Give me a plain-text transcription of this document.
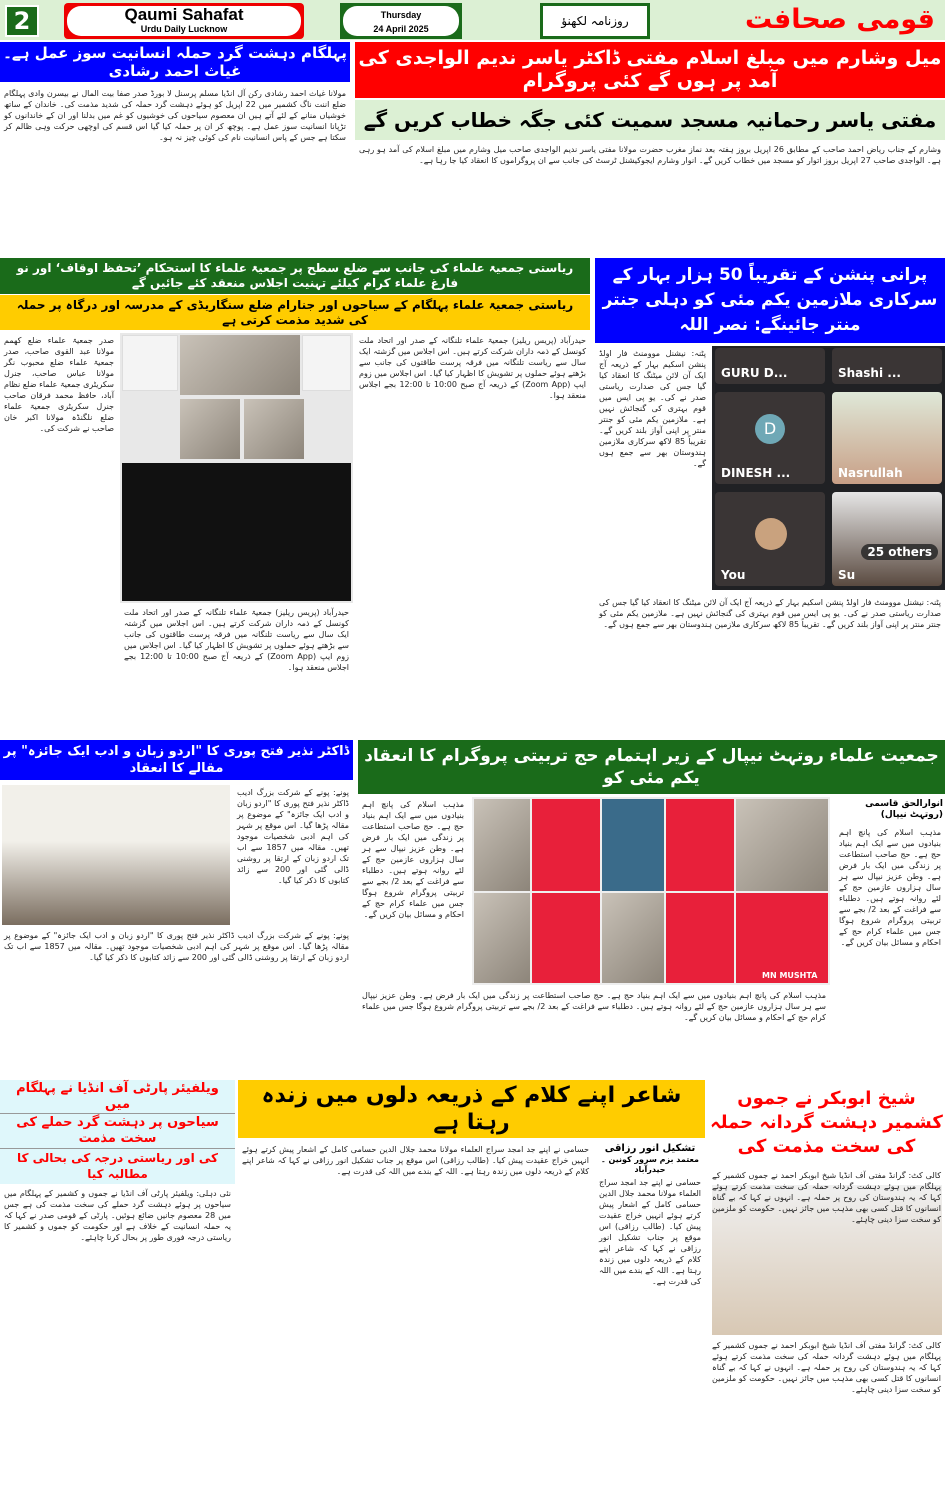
2	Qaumi Sahafat
Urdu Daily Lucknow
Thursday
24 April 2025
روزنامہ لکھنؤ	قومی صحافت
پہلگام دہشت گرد حملہ انسانیت سوز عمل ہے۔ غیاث احمد رشادی
مولانا غیاث احمد رشادی رکن آل انڈیا مسلم پرسنل لا بورڈ صدر صفا بیت المال نے بیسرن وادی پہلگام ضلع اننت ناگ کشمیر میں 22 اپریل کو ہوئے دہشت گرد حملہ کی شدید مذمت کی۔ خاندان کے ساتھ خوشیاں منانے کے لئے آتے ہیں ان معصوم سیاحوں کی خوشیوں کو غم میں بدلنا اور ان کے خاندانوں کو تڑپانا انسانیت سوز عمل ہے۔ پوچھ کر ان پر حملہ کیا گیا اس قسم کی اوچھی حرکت وہی ظالم کر سکتا ہے جس کے پاس انسانیت نام کی کوئی چیز نہ ہو۔
میل وشارم میں مبلغ اسلام مفتی ڈاکٹر یاسر ندیم الواجدی کی آمد پر ہوں گے کئی پروگرام
مفتی یاسر رحمانیہ مسجد سمیت کئی جگہ خطاب کریں گے
وشارم کے جناب ریاض احمد صاحب کے مطابق 26 اپریل بروز ہفتہ بعد نماز مغرب حضرت مولانا مفتی یاسر ندیم الواجدی صاحب میل وشارم میں مبلغ اسلام کی آمد ہو رہی ہے۔ الواجدی صاحب 27 اپریل بروز اتوار کو مسجد میں خطاب کریں گے۔ انوار وشارم ایجوکیشنل ٹرسٹ کی جانب سے ان پروگراموں کا انعقاد کیا جا رہا ہے۔
ریاستی جمعیۃ علماء کی جانب سے ضلع سطح پر جمعیۃ علماء کا استحکام ’تحفظ اوقاف‘ اور نو فارغ علماء کرام کیلئے تہنیت اجلاس منعقد کئے جائیں گے
ریاستی جمعیۃ علماء پہلگام کے سیاحوں اور جنارام ضلع سنگاریڈی کے مدرسہ اور درگاہ پر حملہ کی شدید مذمت کرتی ہے
حیدرآباد (پریس ریلیز) جمعیۃ علماء تلنگانہ کے صدر اور اتحاد ملت کونسل کے ذمہ داران شرکت کرتے ہیں۔ اس اجلاس میں گزشتہ ایک سال سے ریاست تلنگانہ میں فرقہ پرست طاقتوں کی جانب سے بڑھتے ہوئے حملوں پر تشویش کا اظہار کیا گیا۔ اس اجلاس میں زوم ایپ (Zoom App) کے ذریعہ آج صبح 10:00 تا 12:00 بجے اجلاس منعقد ہوا۔
صدر جمعیۃ علماء ضلع کھمم مولانا عبد القوی صاحب، صدر جمعیۃ علماء ضلع محبوب نگر مولانا عباس صاحب، جنرل سکریٹری جمعیۃ علماء ضلع نظام آباد، حافظ محمد فرقان صاحب جنرل سکریٹری جمعیۃ علماء ضلع نلگنڈہ مولانا اکبر خان صاحب نے شرکت کی۔
حیدرآباد (پریس ریلیز) جمعیۃ علماء تلنگانہ کے صدر اور اتحاد ملت کونسل کے ذمہ داران شرکت کرتے ہیں۔ اس اجلاس میں گزشتہ ایک سال سے ریاست تلنگانہ میں فرقہ پرست طاقتوں کی جانب سے بڑھتے ہوئے حملوں پر تشویش کا اظہار کیا گیا۔ اس اجلاس میں زوم ایپ (Zoom App) کے ذریعہ آج صبح 10:00 تا 12:00 بجے اجلاس منعقد ہوا۔
پرانی پنشن کے تقریباً 50 ہزار بہار کے سرکاری ملازمین یکم مئی کو دہلی جنتر منتر جائینگے: نصر اللہ
پٹنہ: نیشنل موومنٹ فار اولڈ پنشن اسکیم بہار کے ذریعہ آج ایک آن لائن میٹنگ کا انعقاد کیا گیا جس کی صدارت ریاستی صدر نے کی۔ یو پی ایس میں قوم بہتری کی گنجائش نہیں ہے۔ ملازمین یکم مئی کو جنتر منتر پر اپنی آواز بلند کریں گے۔ تقریباً 85 لاکھ سرکاری ملازمین ہندوستان بھر سے جمع ہوں گے۔
GURU D...	Shashi ...
DINESH ...
D
Nasrullah
You	Su
25 others
پٹنہ: نیشنل موومنٹ فار اولڈ پنشن اسکیم بہار کے ذریعہ آج ایک آن لائن میٹنگ کا انعقاد کیا گیا جس کی صدارت ریاستی صدر نے کی۔ یو پی ایس میں قوم بہتری کی گنجائش نہیں ہے۔ ملازمین یکم مئی کو جنتر منتر پر اپنی آواز بلند کریں گے۔ تقریباً 85 لاکھ سرکاری ملازمین ہندوستان بھر سے جمع ہوں گے۔
ڈاکٹر نذیر فتح پوری کا "اردو زبان و ادب ایک جائزہ" پر مقالے کا انعقاد
پونے: پونے کے شرکت بزرگ ادیب ڈاکٹر نذیر فتح پوری کا "اردو زبان و ادب ایک جائزہ" کے موضوع پر مقالہ پڑھا گیا۔ اس موقع پر شہر کی اہم ادبی شخصیات موجود تھیں۔ مقالہ میں 1857 سے اب تک اردو زبان کے ارتقا پر روشنی ڈالی گئی اور 200 سے زائد کتابوں کا ذکر کیا گیا۔
پونے: پونے کے شرکت بزرگ ادیب ڈاکٹر نذیر فتح پوری کا "اردو زبان و ادب ایک جائزہ" کے موضوع پر مقالہ پڑھا گیا۔ اس موقع پر شہر کی اہم ادبی شخصیات موجود تھیں۔ مقالہ میں 1857 سے اب تک اردو زبان کے ارتقا پر روشنی ڈالی گئی اور 200 سے زائد کتابوں کا ذکر کیا گیا۔
جمعیت علماء روتہٹ نیپال کے زیر اہتمام حج تربیتی پروگرام کا انعقاد یکم مئی کو
مذہب اسلام کی پانچ اہم بنیادوں میں سے ایک اہم بنیاد حج ہے۔ حج صاحب استطاعت پر زندگی میں ایک بار فرض ہے۔ وطن عزیز نیپال سے ہر سال ہزاروں عازمین حج کے لئے روانہ ہوتے ہیں۔ دطلباء سے فراغت کے بعد 2/ بجے سے تربیتی پروگرام شروع ہوگا جس میں علماء کرام حج کے احکام و مسائل بیان کریں گے۔
MN MUSHTA
انوارالحق قاسمی (روتہٹ نیپال)
مذہب اسلام کی پانچ اہم بنیادوں میں سے ایک اہم بنیاد حج ہے۔ حج صاحب استطاعت پر زندگی میں ایک بار فرض ہے۔ وطن عزیز نیپال سے ہر سال ہزاروں عازمین حج کے لئے روانہ ہوتے ہیں۔ دطلباء سے فراغت کے بعد 2/ بجے سے تربیتی پروگرام شروع ہوگا جس میں علماء کرام حج کے احکام و مسائل بیان کریں گے۔
مذہب اسلام کی پانچ اہم بنیادوں میں سے ایک اہم بنیاد حج ہے۔ حج صاحب استطاعت پر زندگی میں ایک بار فرض ہے۔ وطن عزیز نیپال سے ہر سال ہزاروں عازمین حج کے لئے روانہ ہوتے ہیں۔ دطلباء سے فراغت کے بعد 2/ بجے سے تربیتی پروگرام شروع ہوگا جس میں علماء کرام حج کے احکام و مسائل بیان کریں گے۔
ویلفیئر پارٹی آف انڈیا نے پہلگام میں
سیاحوں پر دہشت گرد حملے کی سخت مذمت
کی اور ریاستی درجہ کی بحالی کا مطالبہ کیا
نئی دہلی: ویلفیئر پارٹی آف انڈیا نے جموں و کشمیر کے پہلگام میں سیاحوں پر ہوئے دہشت گرد حملے کی سخت مذمت کی ہے جس میں 28 معصوم جانیں ضائع ہوئیں۔ پارٹی کے قومی صدر نے کہا کہ یہ حملہ انسانیت کے خلاف ہے اور حکومت کو جموں و کشمیر کا ریاستی درجہ فوری طور پر بحال کرنا چاہئے۔
شاعر اپنے کلام کے ذریعہ دلوں میں زندہ رہتا ہے
تشکیل انور رزاقی
معتمد بزم سرور کونین ۔ حیدرآباد
حسامی نے اپنے جد امجد سراج العلماء مولانا محمد جلال الدین حسامی کامل کے اشعار پیش کرتے ہوئے انہیں خراج عقیدت پیش کیا۔ (طالب رزاقی) اس موقع پر جناب تشکیل انور رزاقی نے کہا کہ شاعر اپنے کلام کے ذریعہ دلوں میں زندہ رہتا ہے۔ اللہ کے بندے میں اللہ کی قدرت ہے۔
حسامی نے اپنے جد امجد سراج العلماء مولانا محمد جلال الدین حسامی کامل کے اشعار پیش کرتے ہوئے انہیں خراج عقیدت پیش کیا۔ (طالب رزاقی) اس موقع پر جناب تشکیل انور رزاقی نے کہا کہ شاعر اپنے کلام کے ذریعہ دلوں میں زندہ رہتا ہے۔ اللہ کے بندے میں اللہ کی قدرت ہے۔
شیخ ابوبکر نے جموں کشمیر دہشت گردانہ حملہ کی سخت مذمت کی
کالی کٹ: گرانڈ مفتی آف انڈیا شیخ ابوبکر احمد نے جموں کشمیر کے پہلگام میں ہوئے دہشت گردانہ حملہ کی سخت مذمت کرتے ہوئے کہا کہ یہ ہندوستان کی روح پر حملہ ہے۔ انہوں نے کہا کہ بے گناہ انسانوں کا قتل کسی بھی مذہب میں جائز نہیں۔ حکومت کو ملزمین کو سخت سزا دینی چاہئے۔
کالی کٹ: گرانڈ مفتی آف انڈیا شیخ ابوبکر احمد نے جموں کشمیر کے پہلگام میں ہوئے دہشت گردانہ حملہ کی سخت مذمت کرتے ہوئے کہا کہ یہ ہندوستان کی روح پر حملہ ہے۔ انہوں نے کہا کہ بے گناہ انسانوں کا قتل کسی بھی مذہب میں جائز نہیں۔ حکومت کو ملزمین کو سخت سزا دینی چاہئے۔
